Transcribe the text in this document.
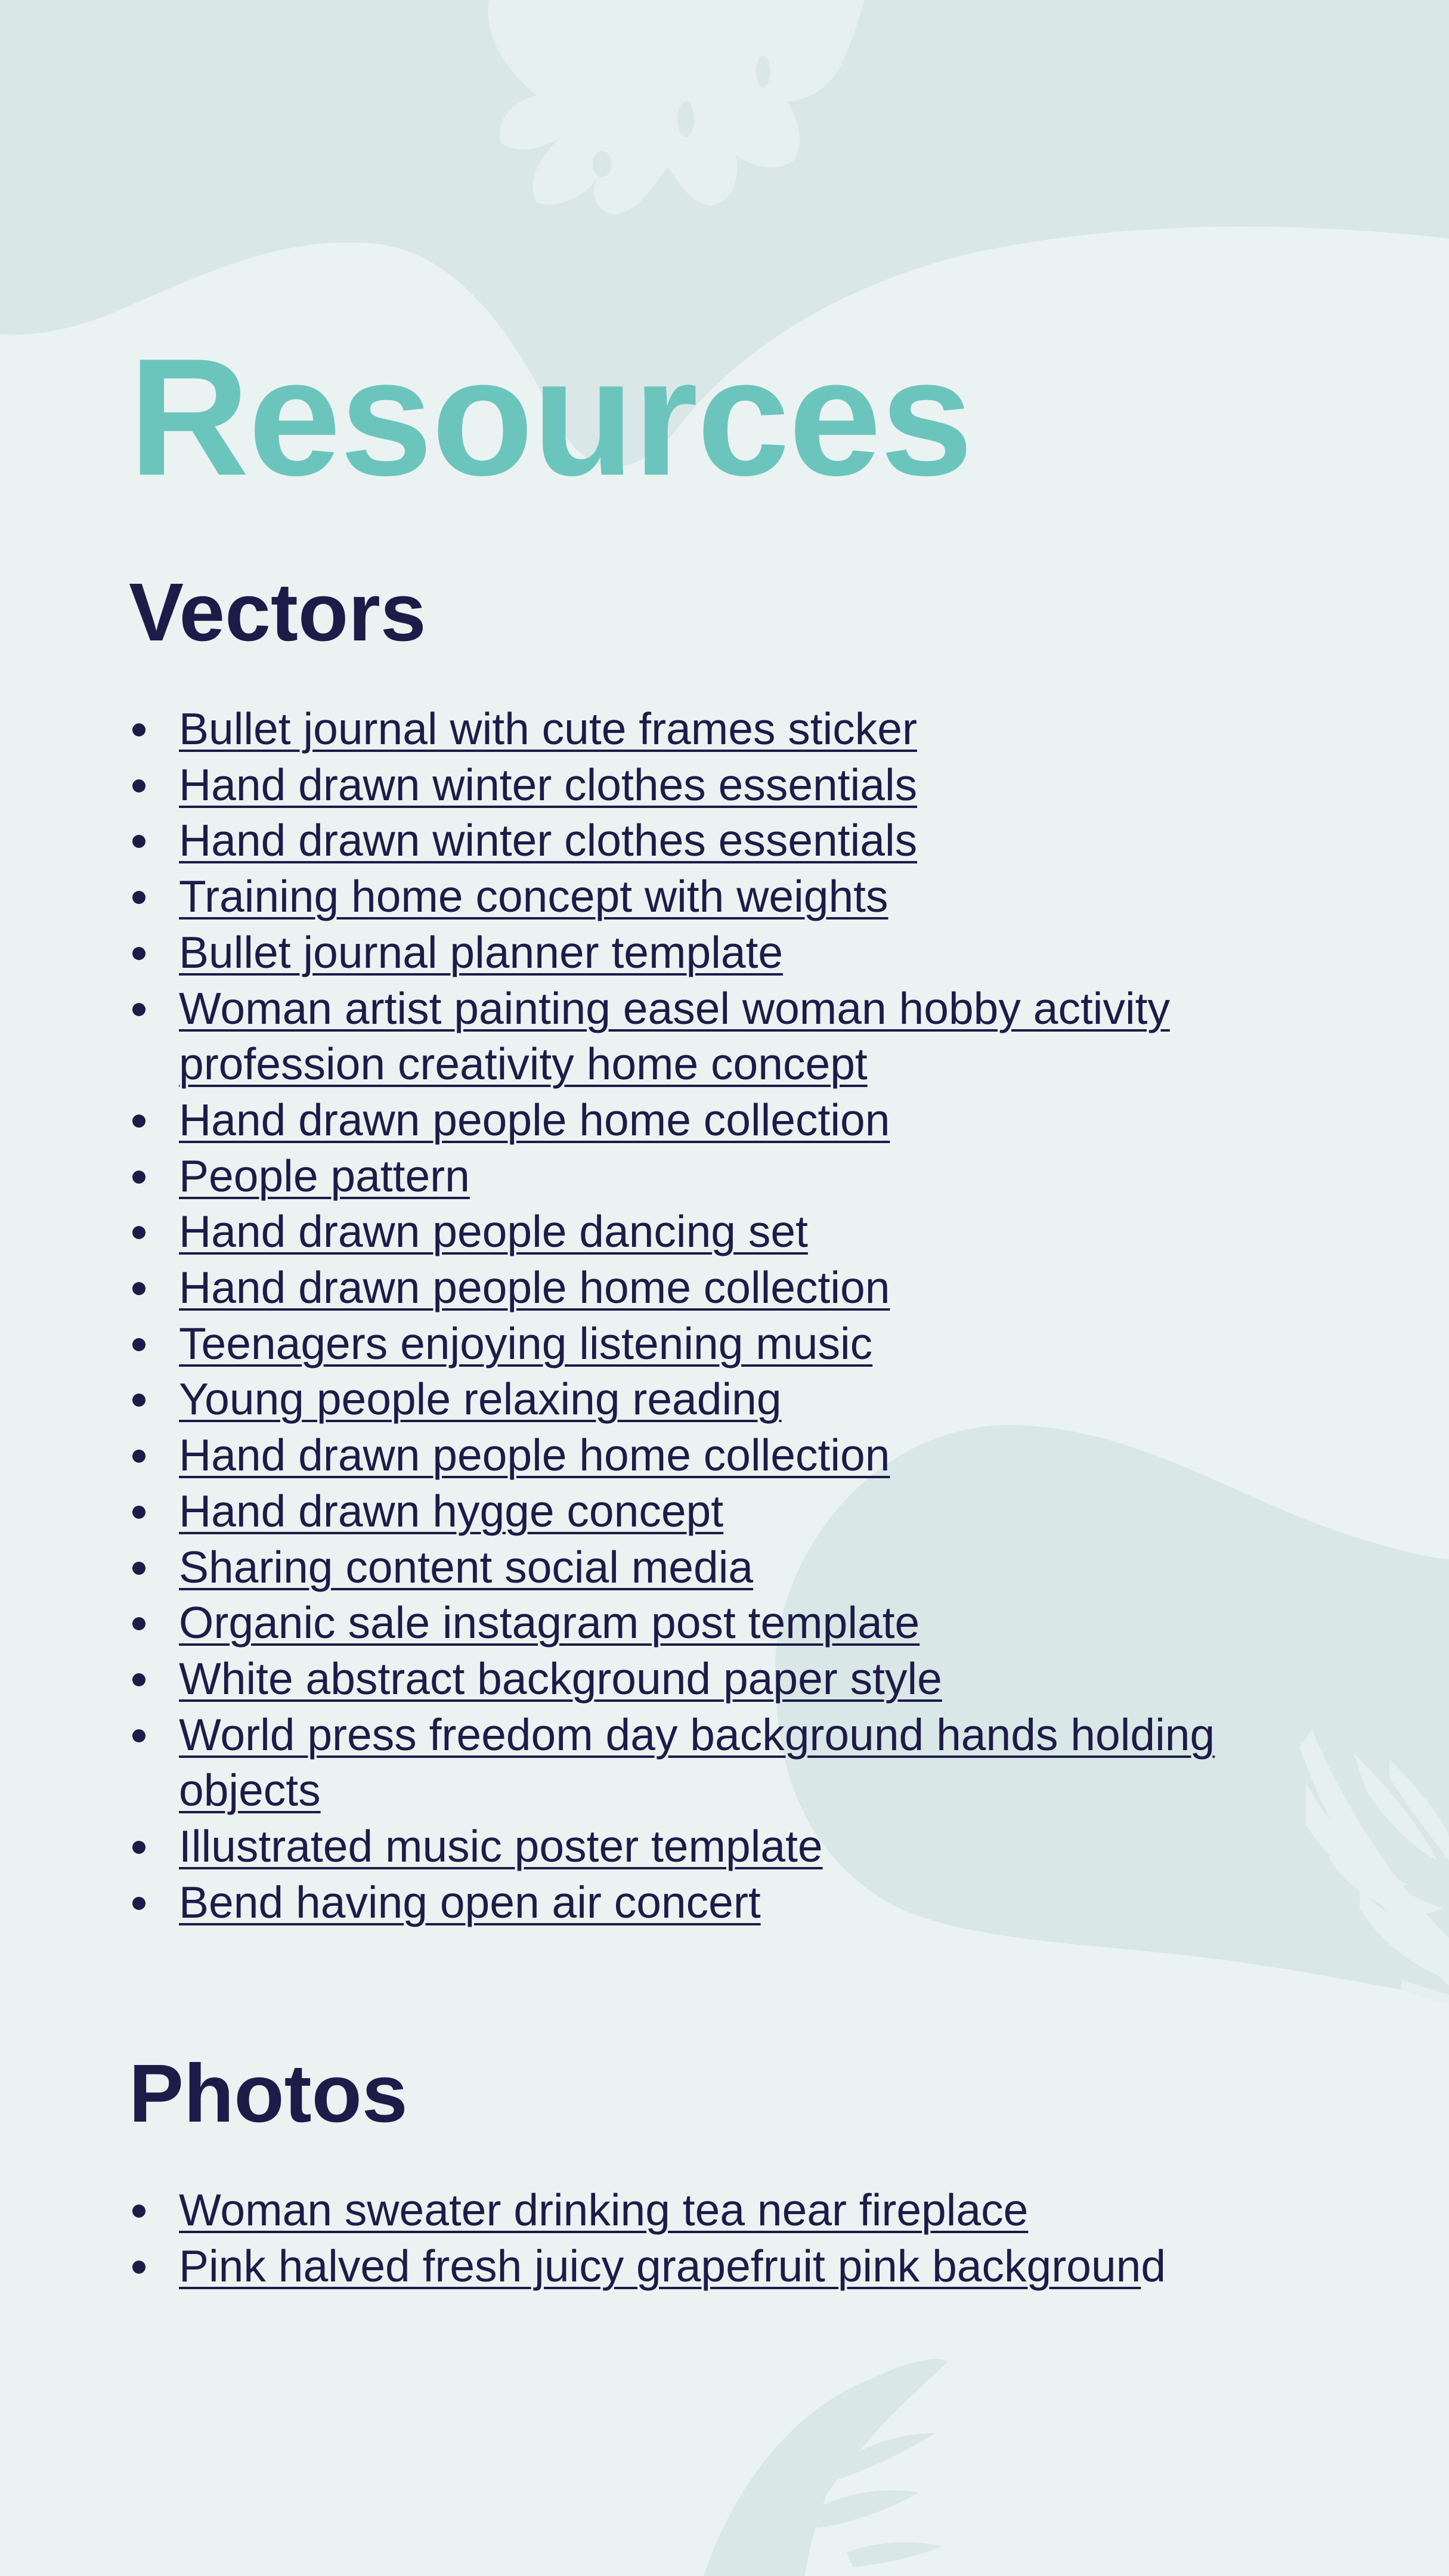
Resources
Vectors
Bullet journal with cute frames sticker
Hand drawn winter clothes essentials
Hand drawn winter clothes essentials
Training home concept with weights
Bullet journal planner template
Woman artist painting easel woman hobby activity profession creativity home concept
Hand drawn people home collection
People pattern
Hand drawn people dancing set
Hand drawn people home collection
Teenagers enjoying listening music
Young people relaxing reading
Hand drawn people home collection
Hand drawn hygge concept
Sharing content social media
Organic sale instagram post template
White abstract background paper style
World press freedom day background hands holding objects
Illustrated music poster template
Bend having open air concert
Photos
Woman sweater drinking tea near fireplace
Pink halved fresh juicy grapefruit pink background
